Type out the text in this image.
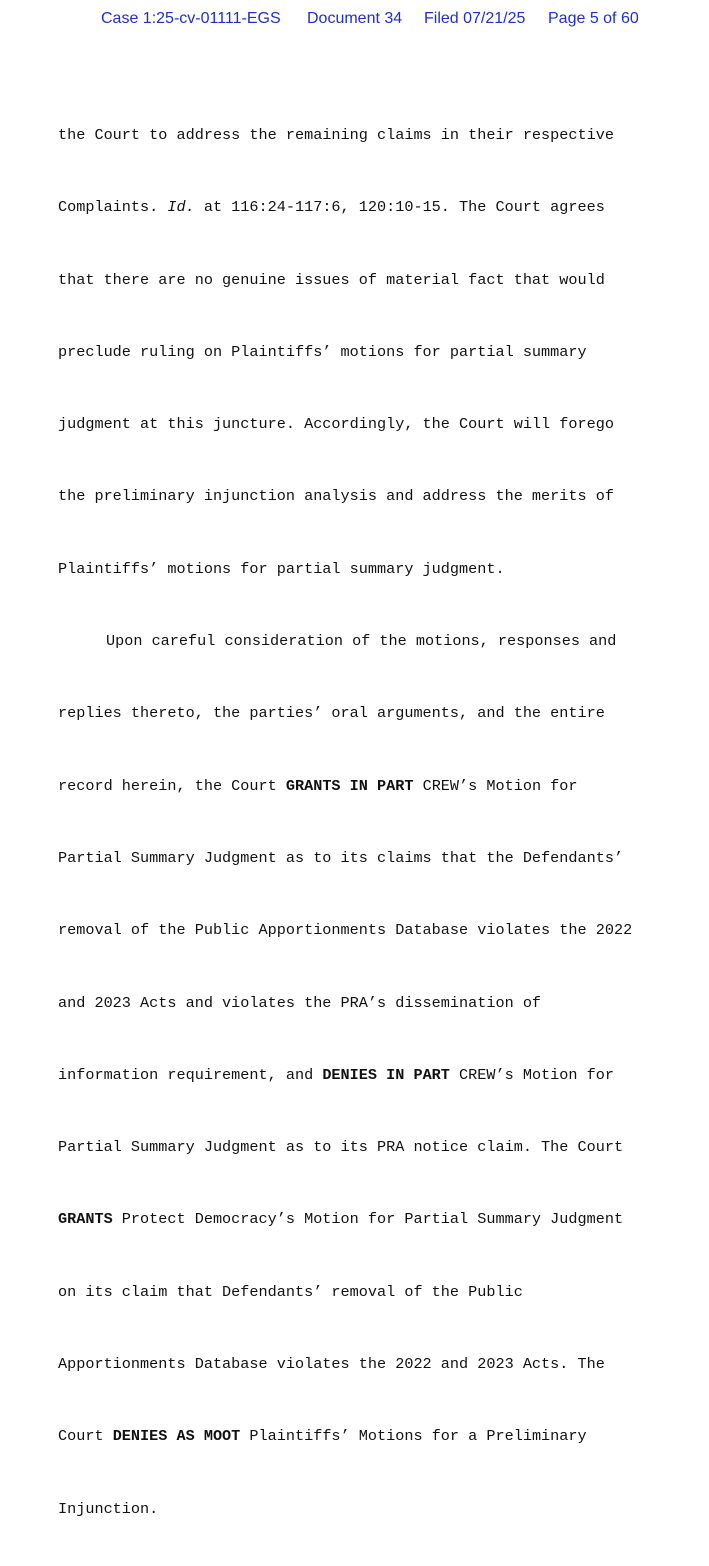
Case 1:25-cv-01111-EGS Document 34 Filed 07/21/25 Page 5 of 60

the Court to address the remaining claims in their respective

Complaints. Id. at 116:24-117:6, 120:10-15. The Court agrees

that there are no genuine issues of material fact that would

preclude ruling on Plaintiffs’ motions for partial summary

judgment at this juncture. Accordingly, the Court will forego

the preliminary injunction analysis and address the merits of

Plaintiffs’ motions for partial summary judgment.

Upon careful consideration of the motions, responses and

replies thereto, the parties’ oral arguments, and the entire

record herein, the Court GRANTS IN PART CREW’s Motion for

Partial Summary Judgment as to its claims that the Defendants’

removal of the Public Apportionments Database violates the 2022

and 2023 Acts and violates the PRA’s dissemination of

information requirement, and DENIES IN PART CREW’s Motion for

Partial Summary Judgment as to its PRA notice claim. The Court

GRANTS Protect Democracy’s Motion for Partial Summary Judgment

on its claim that Defendants’ removal of the Public

Apportionments Database violates the 2022 and 2023 Acts. The

Court DENIES AS MOOT Plaintiffs’ Motions for a Preliminary

Injunction.
